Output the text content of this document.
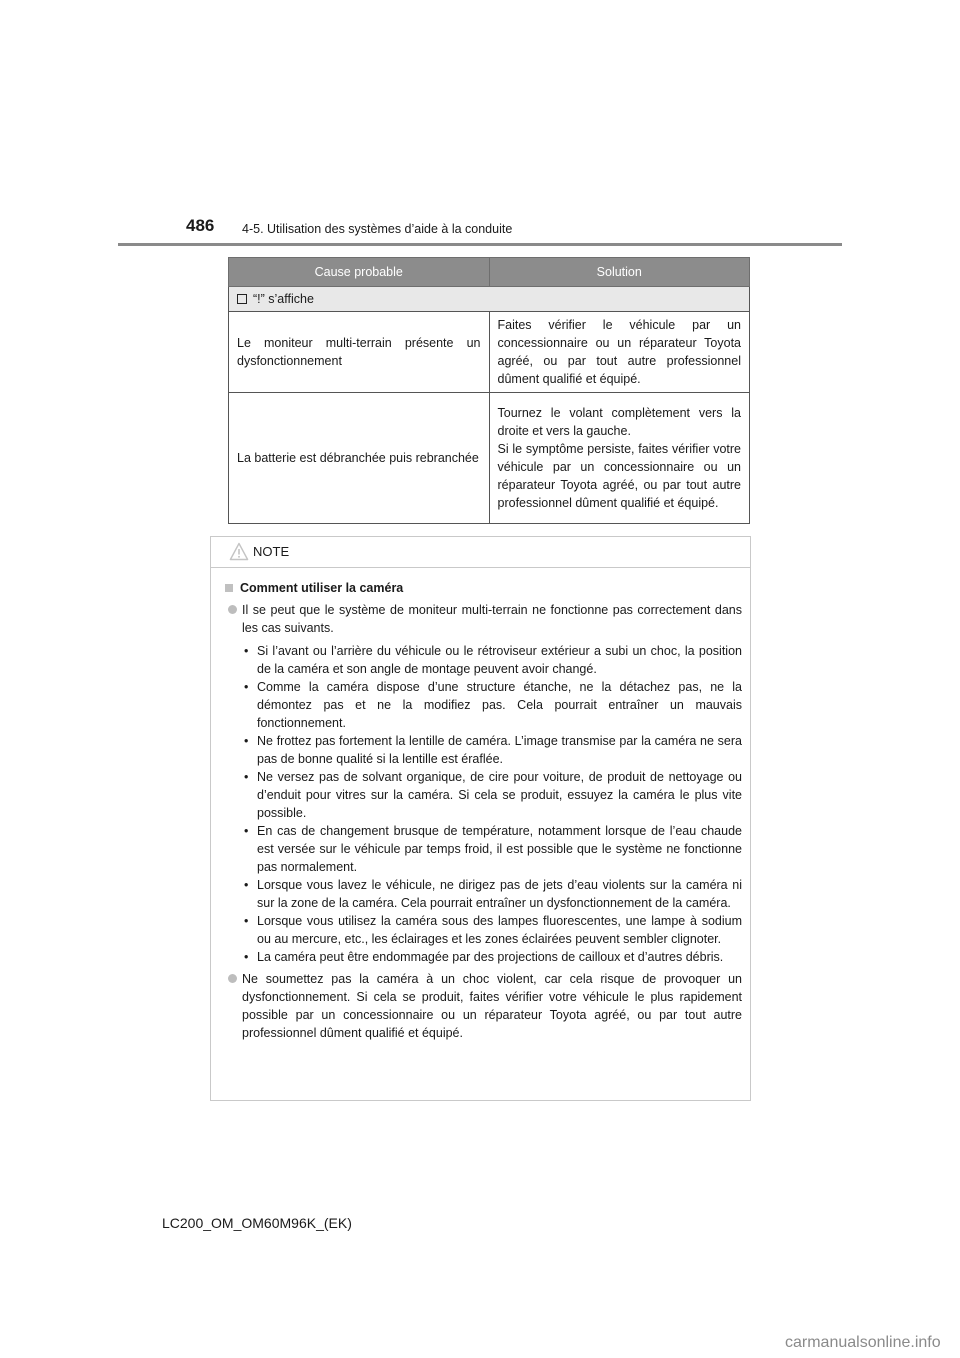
486 4-5. Utilisation des systèmes d’aide à la conduite
Cause probable	Solution
“!” s’affiche	
Le moniteur multi-terrain présente un dysfonctionnement	Faites vérifier le véhicule par un concessionnaire ou un réparateur Toyota agréé, ou par tout autre professionnel dûment qualifié et équipé.
La batterie est débranchée puis rebranchée	Tournez le volant complètement vers la droite et vers la gauche.
Si le symptôme persiste, faites vérifier votre véhicule par un concessionnaire ou un réparateur Toyota agréé, ou par tout autre professionnel dûment qualifié et équipé.
NOTE
Comment utiliser la caméra
Il se peut que le système de moniteur multi-terrain ne fonctionne pas correctement dans les cas suivants.
• Si l’avant ou l’arrière du véhicule ou le rétroviseur extérieur a subi un choc, la position de la caméra et son angle de montage peuvent avoir changé.
• Comme la caméra dispose d’une structure étanche, ne la détachez pas, ne la démontez pas et ne la modifiez pas. Cela pourrait entraîner un mauvais fonctionnement.
• Ne frottez pas fortement la lentille de caméra. L’image transmise par la caméra ne sera pas de bonne qualité si la lentille est éraflée.
• Ne versez pas de solvant organique, de cire pour voiture, de produit de nettoyage ou d’enduit pour vitres sur la caméra. Si cela se produit, essuyez la caméra le plus vite possible.
• En cas de changement brusque de température, notamment lorsque de l’eau chaude est versée sur le véhicule par temps froid, il est possible que le système ne fonctionne pas normalement.
• Lorsque vous lavez le véhicule, ne dirigez pas de jets d’eau violents sur la caméra ni sur la zone de la caméra. Cela pourrait entraîner un dysfonctionnement de la caméra.
• Lorsque vous utilisez la caméra sous des lampes fluorescentes, une lampe à sodium ou au mercure, etc., les éclairages et les zones éclairées peuvent sembler clignoter.
• La caméra peut être endommagée par des projections de cailloux et d’autres débris.
Ne soumettez pas la caméra à un choc violent, car cela risque de provoquer un dysfonctionnement. Si cela se produit, faites vérifier votre véhicule le plus rapidement possible par un concessionnaire ou un réparateur Toyota agréé, ou par tout autre professionnel dûment qualifié et équipé.
LC200_OM_OM60M96K_(EK)
carmanualsonline.info
